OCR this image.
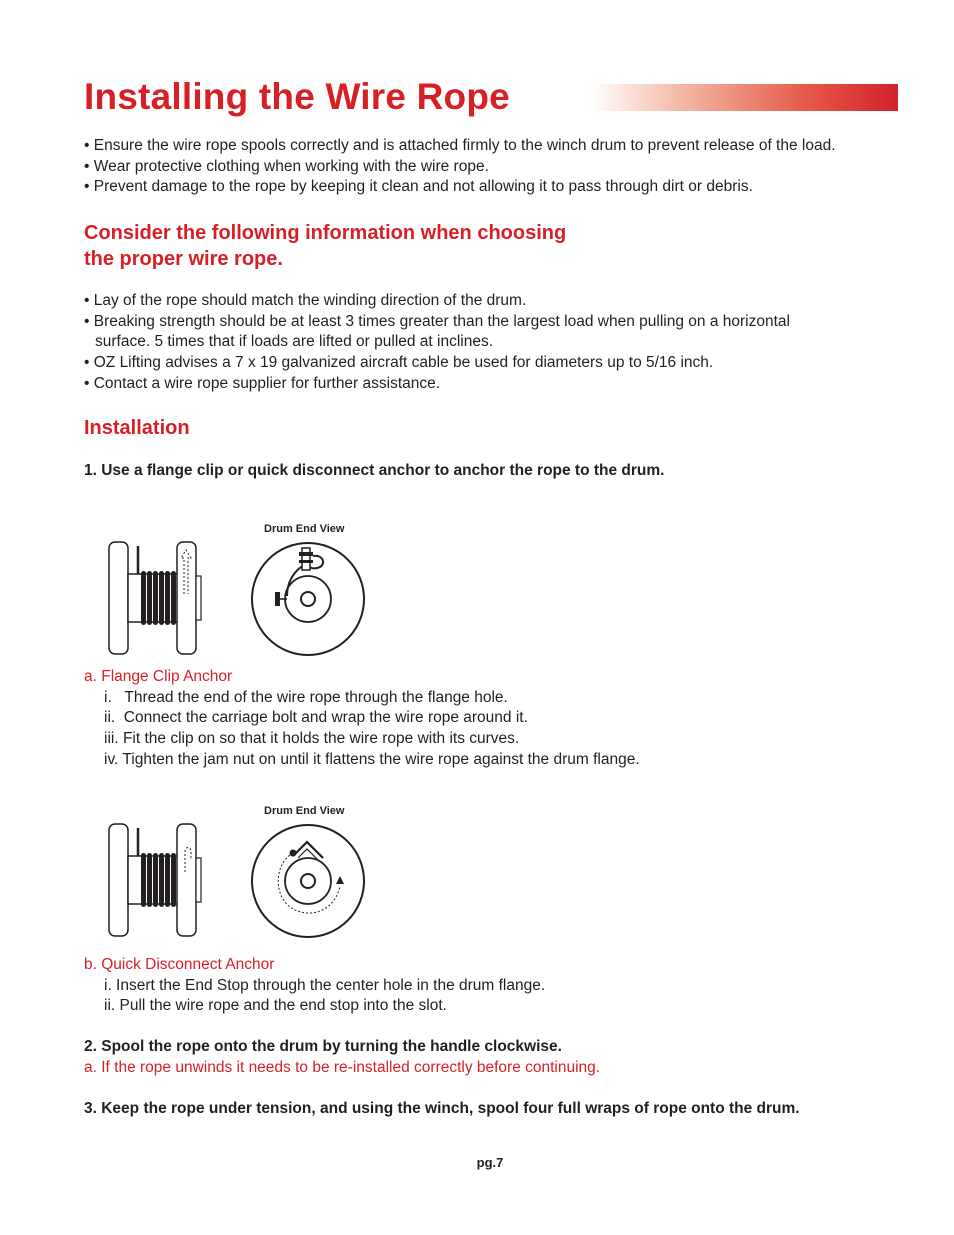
Installing the Wire Rope

• Ensure the wire rope spools correctly and is attached firmly to the winch drum to prevent release of the load.

• Wear protective clothing when working with the wire rope.

• Prevent damage to the rope by keeping it clean and not allowing it to pass through dirt or debris.

Consider the following information when choosing

the proper wire rope.

• Lay of the rope should match the winding direction of the drum.

• Breaking strength should be at least 3 times greater than the largest load when pulling on a horizontal

surface. 5 times that if loads are lifted or pulled at inclines.

• OZ Lifting advises a 7 x 19 galvanized aircraft cable be used for diameters up to 5/16 inch.

• Contact a wire rope supplier for further assistance.

Installation

1. Use a flange clip or quick disconnect anchor to anchor the rope to the drum.

Drum End View

a. Flange Clip Anchor

i.   Thread the end of the wire rope through the flange hole.

ii.  Connect the carriage bolt and wrap the wire rope around it.

iii. Fit the clip on so that it holds the wire rope with its curves.

iv. Tighten the jam nut on until it flattens the wire rope against the drum flange.

Drum End View

b. Quick Disconnect Anchor

i. Insert the End Stop through the center hole in the drum flange.

ii. Pull the wire rope and the end stop into the slot.

2. Spool the rope onto the drum by turning the handle clockwise.

a. If the rope unwinds it needs to be re-installed correctly before continuing.

3. Keep the rope under tension, and using the winch, spool four full wraps of rope onto the drum.

pg.7
